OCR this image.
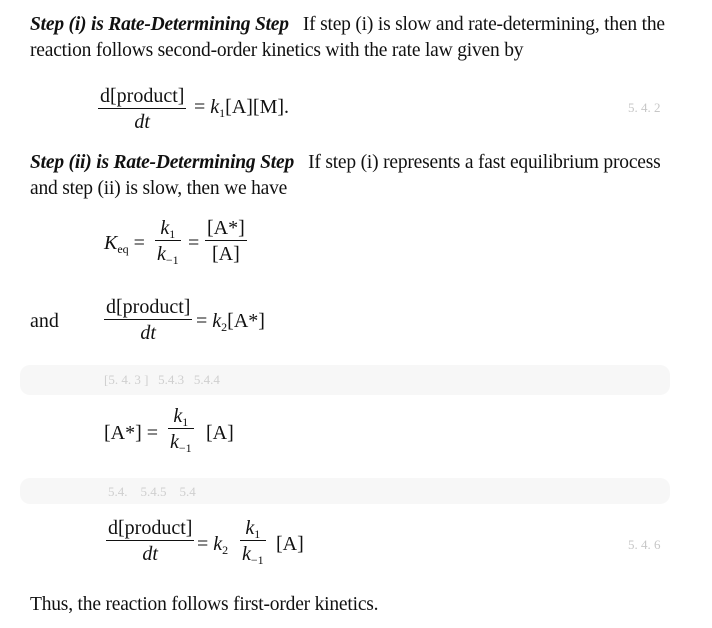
Step (i) is Rate-Determining Step If step (i) is slow and rate-determining, then the reaction follows second-order kinetics with the rate law given by
d[product]
dt
= $k_1[A][M]$.	5. 4. 2
Step (ii) is Rate-Determining Step If step (i) represents a fast equilibrium process and step (ii) is slow, then we have
$K_{eq} = \frac{k_1}{k_{-1}} = \frac{[A*]}{[A]}$
and
d[product]
dt
= $k_2[A*]$
[5. 4. 3 ]   5.4.3   5.4.4
$[A*] = \frac{k_1}{k_{-1}} [A]$
5.4.    5.4.5    5.4
d[product]
dt	= $k_2 \frac{k_1}{k_{-1}} [A]$	5. 4. 6
Thus, the reaction follows first-order kinetics.
